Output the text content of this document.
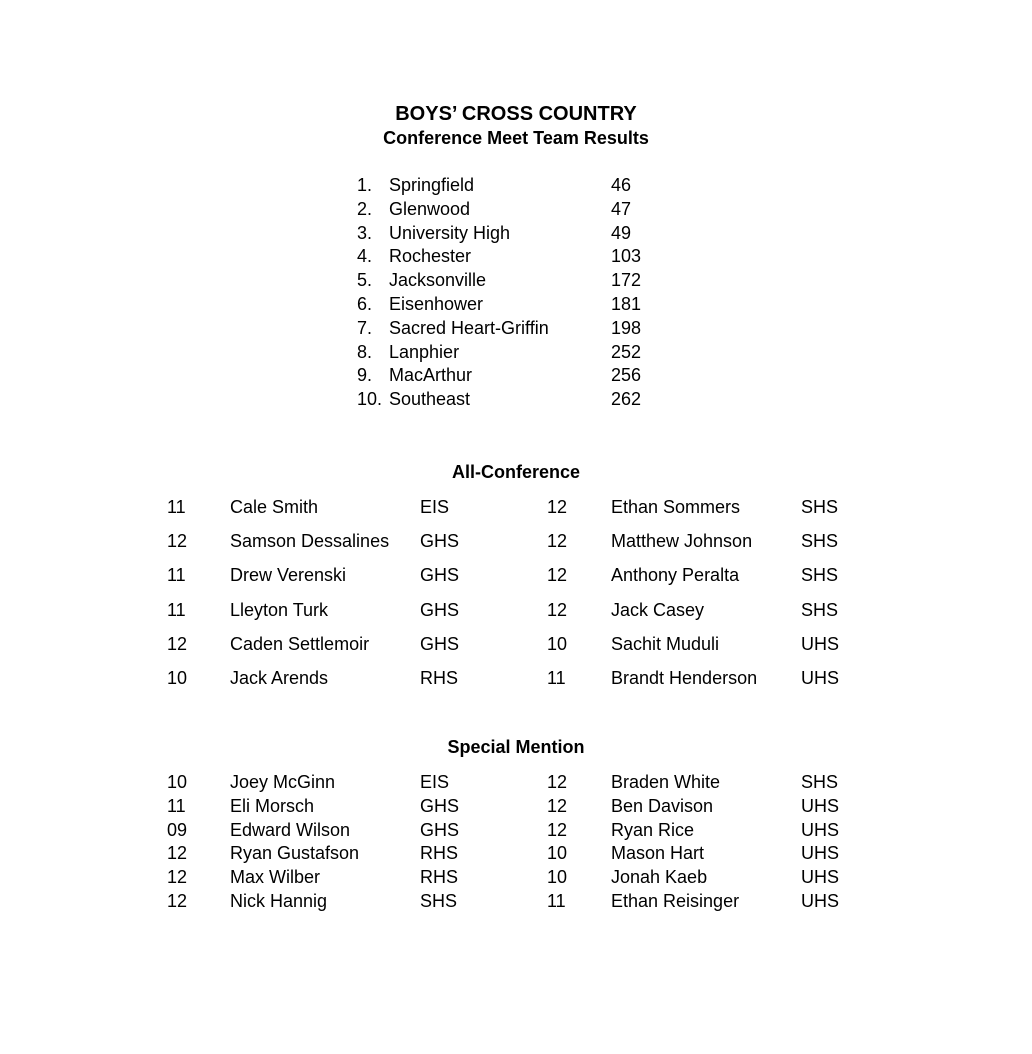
BOYS’ CROSS COUNTRY
Conference Meet Team Results
1. Springfield	46
2. Glenwood	47
3. University High	49
4. Rochester	103
5. Jacksonville	172
6. Eisenhower	181
7. Sacred Heart-Griffin	198
8. Lanphier	252
9. MacArthur	256
10. Southeast	262
All-Conference
11 Cale Smith	EIS	12 Ethan Sommers	SHS
12 Samson Dessalines GHS	12 Matthew Johnson	SHS
11 Drew Verenski	GHS	12 Anthony Peralta	SHS
11 Lleyton Turk	GHS	12 Jack Casey	SHS
12 Caden Settlemoir	GHS	10 Sachit Muduli	UHS
10 Jack Arends	RHS	11	Brandt Henderson UHS
Special Mention
10 Joey McGinn	EIS	12 Braden White	SHS
11 Eli Morsch	GHS	12 Ben Davison	UHS
09 Edward Wilson	GHS	12 Ryan Rice	UHS
12 Ryan Gustafson	RHS	10 Mason Hart	UHS
12 Max Wilber	RHS	10 Jonah Kaeb	UHS
12 Nick Hannig	SHS	11	Ethan Reisinger	UHS
